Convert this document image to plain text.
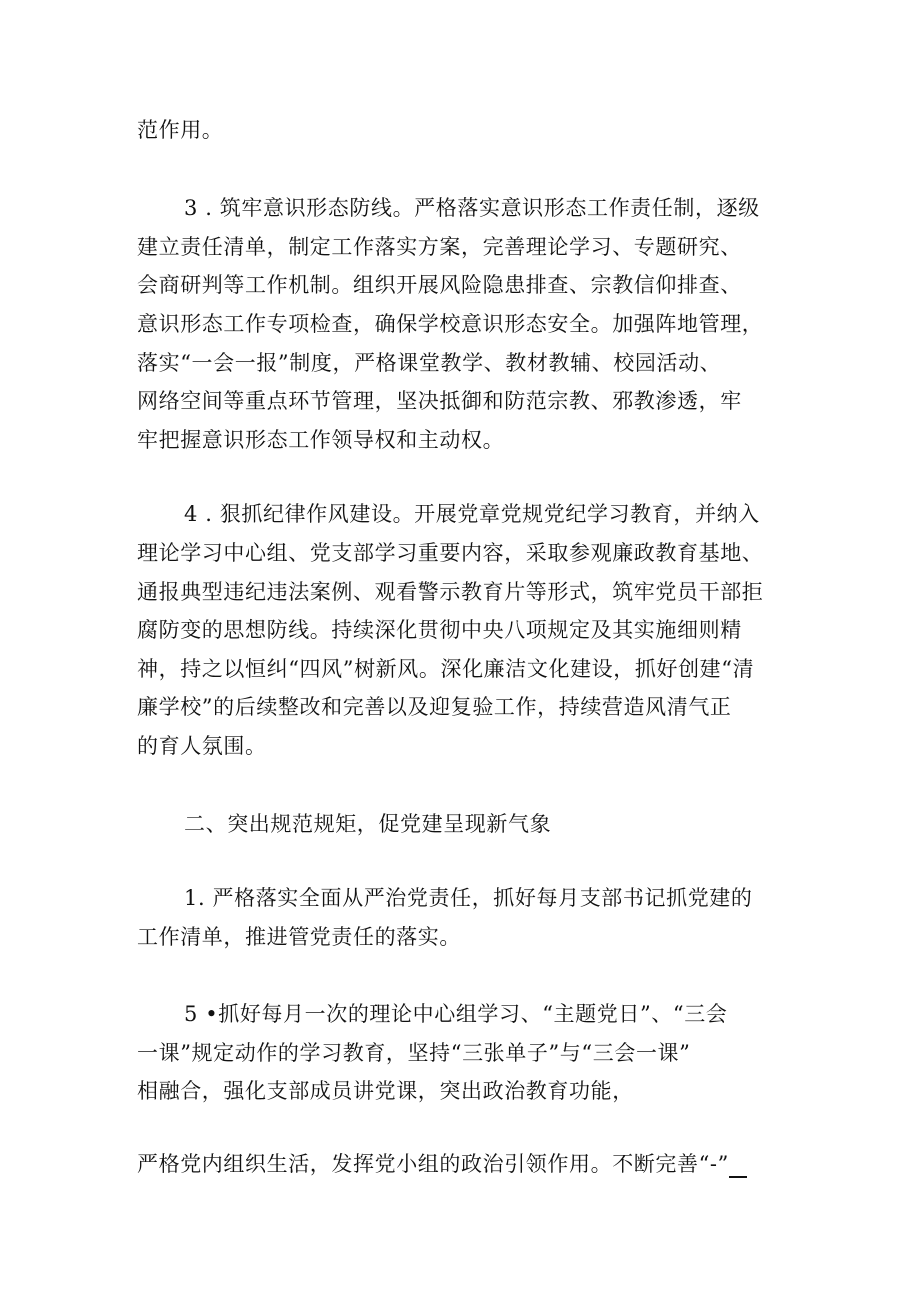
范作用。
3 . 筑牢意识形态防线。严格落实意识形态工作责任制，逐级
建立责任清单，制定工作落实方案，完善理论学习、专题研究、
会商研判等工作机制。组织开展风险隐患排查、宗教信仰排查、
意识形态工作专项检查，确保学校意识形态安全。加强阵地管理，
落实“一会一报”制度，严格课堂教学、教材教辅、校园活动、
网络空间等重点环节管理，坚决抵御和防范宗教、邪教渗透，牢
牢把握意识形态工作领导权和主动权。
4 . 狠抓纪律作风建设。开展党章党规党纪学习教育，并纳入
理论学习中心组、党支部学习重要内容，采取参观廉政教育基地、
通报典型违纪违法案例、观看警示教育片等形式，筑牢党员干部拒
腐防变的思想防线。持续深化贯彻中央八项规定及其实施细则精
神，持之以恒纠“四风”树新风。深化廉洁文化建设，抓好创建“清
廉学校”的后续整改和完善以及迎复验工作，持续营造风清气正
的育人氛围。
二、突出规范规矩，促党建呈现新气象
1. 严格落实全面从严治党责任，抓好每月支部书记抓党建的
工作清单，推进管党责任的落实。
5 •抓好每月一次的理论中心组学习、“主题党日”、“三会
一课”规定动作的学习教育，坚持“三张单子”与“三会一课”
相融合，强化支部成员讲党课，突出政治教育功能，
严格党内组织生活，发挥党小组的政治引领作用。不断完善“-”
